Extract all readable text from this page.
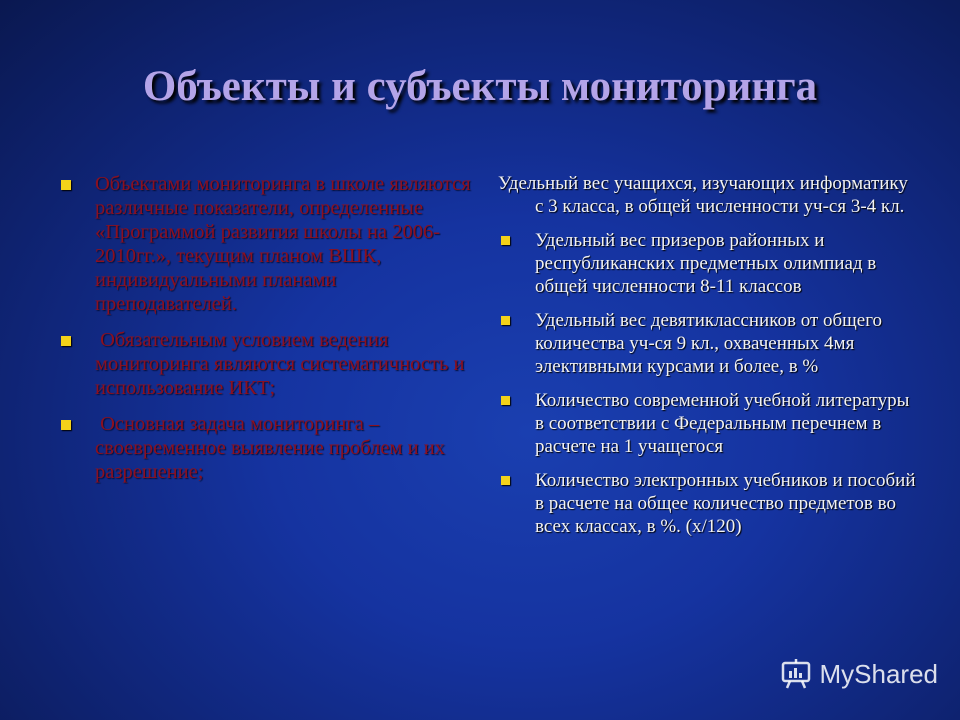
Объекты и субъекты мониторинга
Объектами мониторинга в школе являются различные показатели, определенные «Программой развития школы на 2006-2010гг.», текущим планом ВШК, индивидуальными планами преподавателей.
Обязательным условием ведения мониторинга являются систематичность и использование ИКТ;
Основная задача мониторинга – своевременное выявление проблем и их разрешение;
Удельный вес учащихся, изучающих информатику с 3 класса, в общей численности уч-ся 3-4 кл.
Удельный вес призеров районных и республиканских предметных олимпиад в общей численности 8-11 классов
Удельный вес девятиклассников от общего количества уч-ся 9 кл., охваченных 4мя элективными курсами и более, в %
Количество современной учебной литературы в соответствии с Федеральным перечнем в расчете на 1 учащегося
Количество электронных учебников и пособий в расчете на общее количество предметов во всех классах, в %. (х/120)
MyShared
